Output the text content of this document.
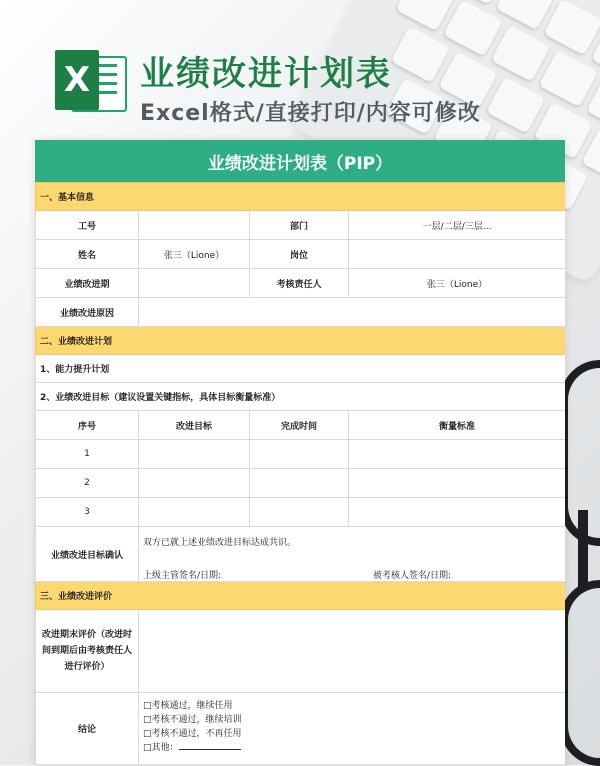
X 业绩改进计划表
Excel格式/直接打印/内容可修改
业绩改进计划表（PIP）
一、基本信息			
工号		部门	一层/二层/三层...
姓名	张三（Lione）	岗位	
业绩改进期		考核责任人	张三（Lione）
业绩改进原因			
二、业绩改进计划			
1、能力提升计划			
2、业绩改进目标（建议设置关键指标，具体目标衡量标准）			
序号	改进目标	完成时间	衡量标准
1			
2			
3			
业绩改进目标确认	双方已就上述业绩改进目标达成共识。
上级主管签名/日期: 被考核人签名/日期:		

三、业绩改进评价			
改进期末评价（改进时间到期后由考核责任人进行评价）			
结论	□考核通过，继续任用
□考核不通过，继续培训
□考核不通过，不再任用
□其他：		
